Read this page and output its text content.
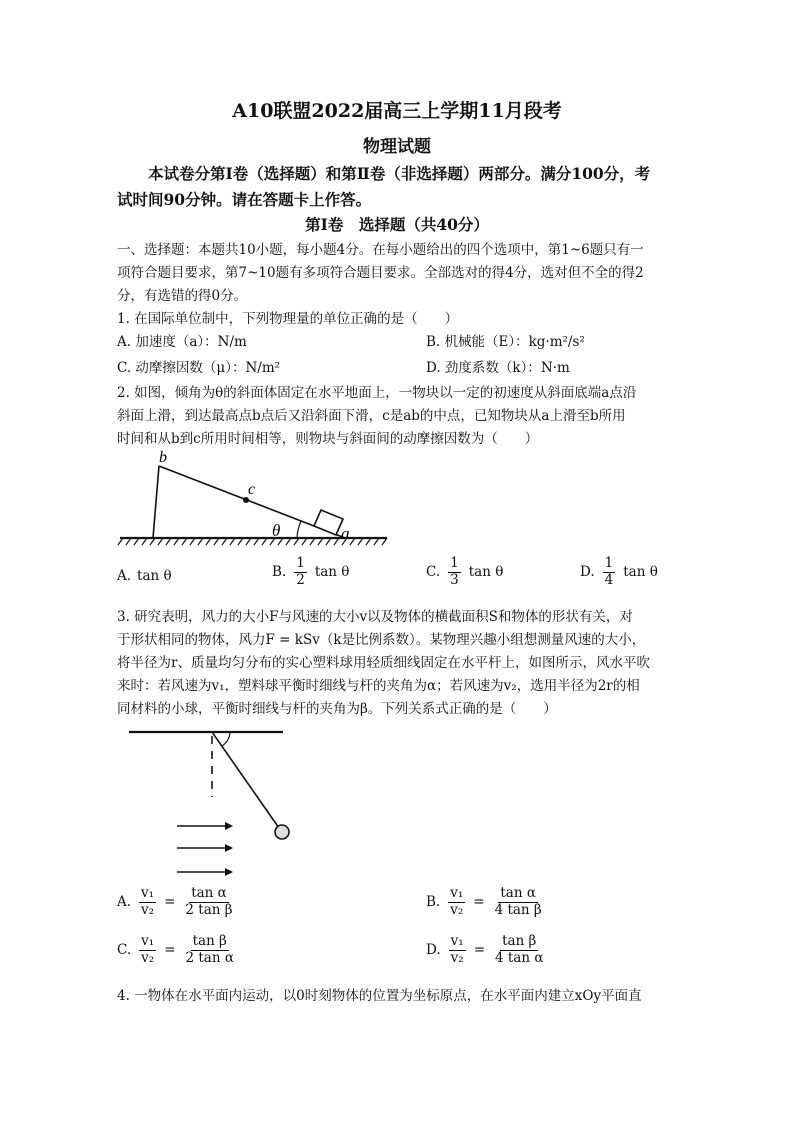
A10联盟2022届高三上学期11月段考
物理试题
本试卷分第Ⅰ卷（选择题）和第Ⅱ卷（非选择题）两部分。满分100分，考
试时间90分钟。请在答题卡上作答。
第Ⅰ卷　选择题（共40分）
一、选择题：本题共10小题，每小题4分。在每小题给出的四个选项中，第1~6题只有一
项符合题目要求，第7~10题有多项符合题目要求。全部选对的得4分，选对但不全的得2
分，有选错的得0分。
1. 在国际单位制中，下列物理量的单位正确的是（　　）
A. 加速度（a）：N/m	B. 机械能（E）：kg·m²/s²
C. 动摩擦因数（μ）：N/m²	D. 劲度系数（k）：N·m
2. 如图，倾角为θ的斜面体固定在水平地面上，一物块以一定的初速度从斜面底端a点沿
斜面上滑，到达最高点b点后又沿斜面下滑，c是ab的中点，已知物块从a上滑至b所用
时间和从b到c所用时间相等，则物块与斜面间的动摩擦因数为（　　）
b
c
θ	a
A. tan θ	B. $\frac{1}{2}$ tan θ	C. $\frac{1}{3}$ tan θ	D. $\frac{1}{4}$ tan θ
3. 研究表明，风力的大小F与风速的大小v以及物体的横截面积S和物体的形状有关，对
于形状相同的物体，风力F = kSv（k是比例系数）。某物理兴趣小组想测量风速的大小，
将半径为r、质量均匀分布的实心塑料球用轻质细线固定在水平杆上，如图所示，风水平吹
来时：若风速为v₁，塑料球平衡时细线与杆的夹角为α；若风速为v₂，选用半径为2r的相
同材料的小球，平衡时细线与杆的夹角为β。下列关系式正确的是（　　）
A. $\frac{\text{v₁}}{\text{v₂}} = \frac{\text{tan α}}{\text{2 tan β}}$	B. $\frac{\text{v₁}}{\text{v₂}} = \frac{\text{tan α}}{\text{4 tan β}}$
C. $\frac{\text{v₁}}{\text{v₂}} = \frac{\text{tan β}}{\text{2 tan α}}$	D. $\frac{\text{v₁}}{\text{v₂}} = \frac{\text{tan β}}{\text{4 tan α}}$
4. 一物体在水平面内运动，以0时刻物体的位置为坐标原点，在水平面内建立xOy平面直
